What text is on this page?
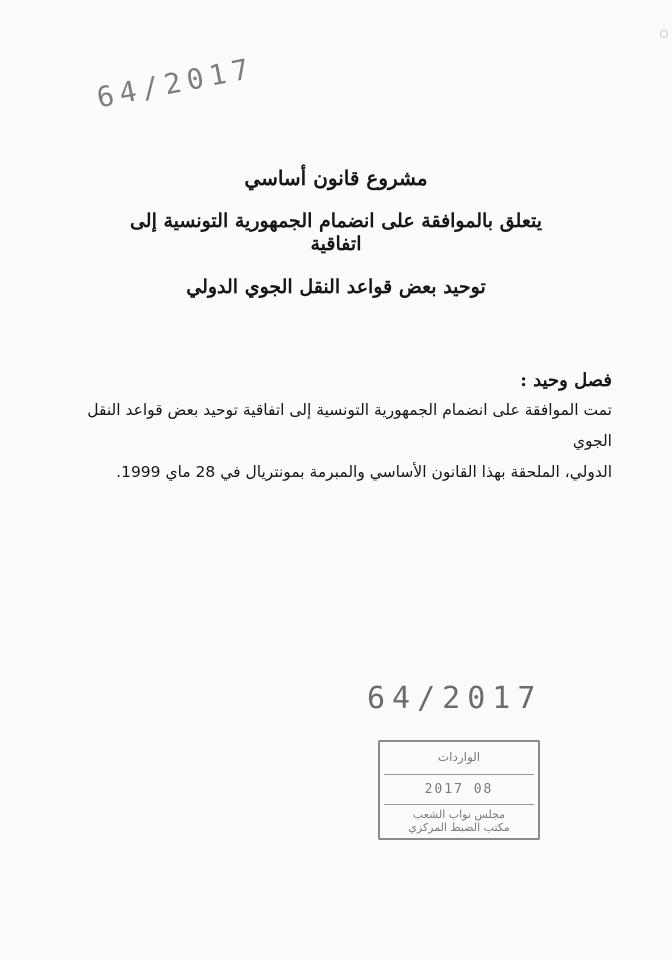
64/2017

مشروع قانون أساسي

يتعلق بالموافقة على انضمام الجمهورية التونسية إلى اتفاقية

توحيد بعض قواعد النقل الجوي الدولي

فصل وحيد :

تمت الموافقة على انضمام الجمهورية التونسية إلى اتفاقية توحيد بعض قواعد النقل الجوي
الدولي، الملحقة بهذا القانون الأساسي والمبرمة بمونتريال في 28 ماي 1999.

64/2017
الواردات
2017 08
مجلس نواب الشعب
مكتب الضبط المركزي
